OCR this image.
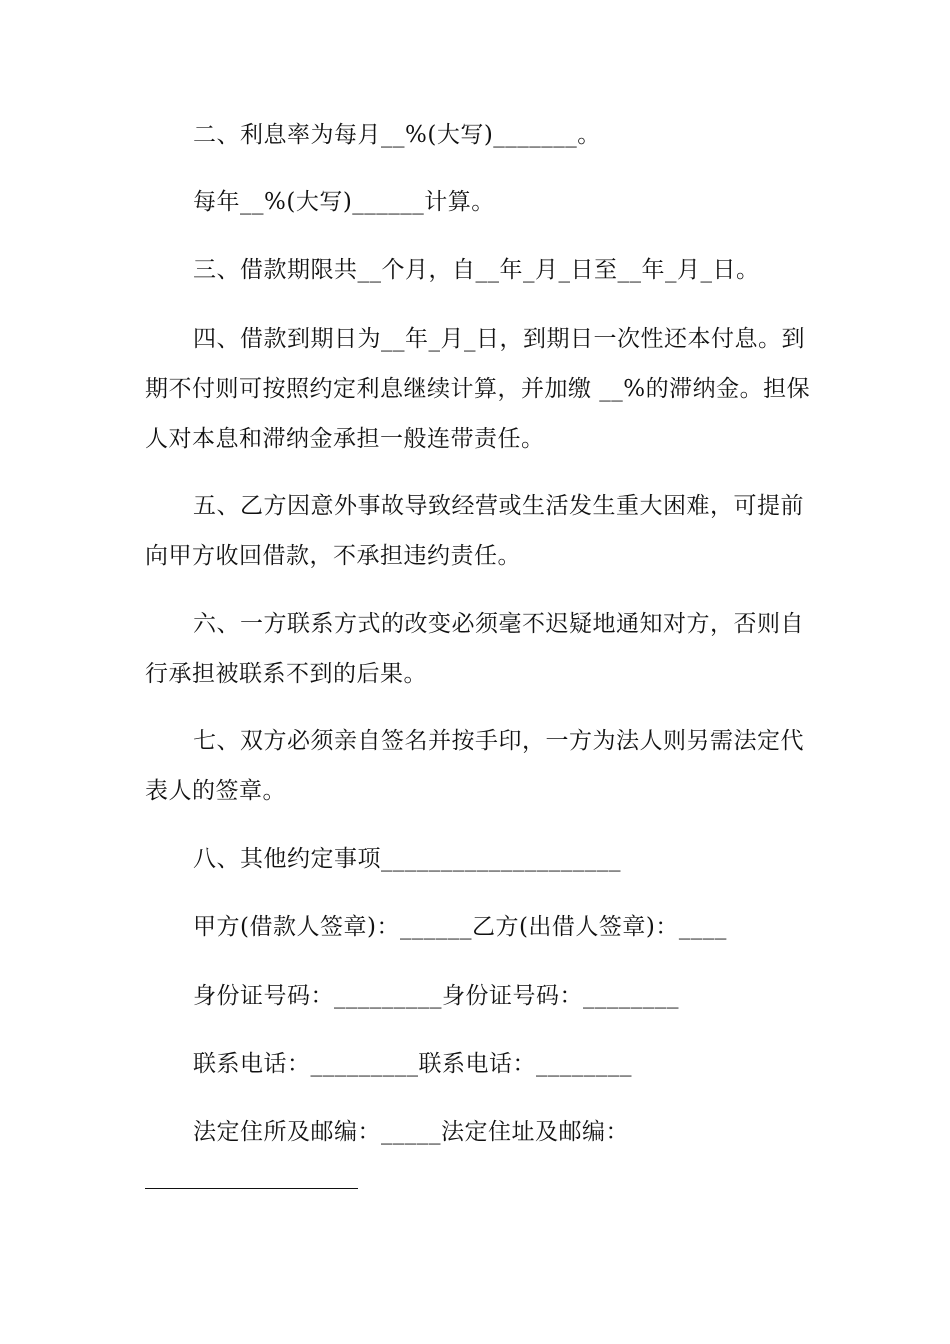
二、利息率为每月__%(大写)_______。
每年__%(大写)______计算。
三、借款期限共__个月，自__年_月_日至__年_月_日。
四、借款到期日为__年_月_日，到期日一次性还本付息。到
期不付则可按照约定利息继续计算，并加缴 __%的滞纳金。担保
人对本息和滞纳金承担一般连带责任。
五、乙方因意外事故导致经营或生活发生重大困难，可提前
向甲方收回借款，不承担违约责任。
六、一方联系方式的改变必须毫不迟疑地通知对方，否则自
行承担被联系不到的后果。
七、双方必须亲自签名并按手印，一方为法人则另需法定代
表人的签章。
八、其他约定事项____________________
甲方(借款人签章)：______乙方(出借人签章)：____
身份证号码：_________身份证号码：________
联系电话：_________联系电话：________
法定住所及邮编：_____法定住址及邮编：
